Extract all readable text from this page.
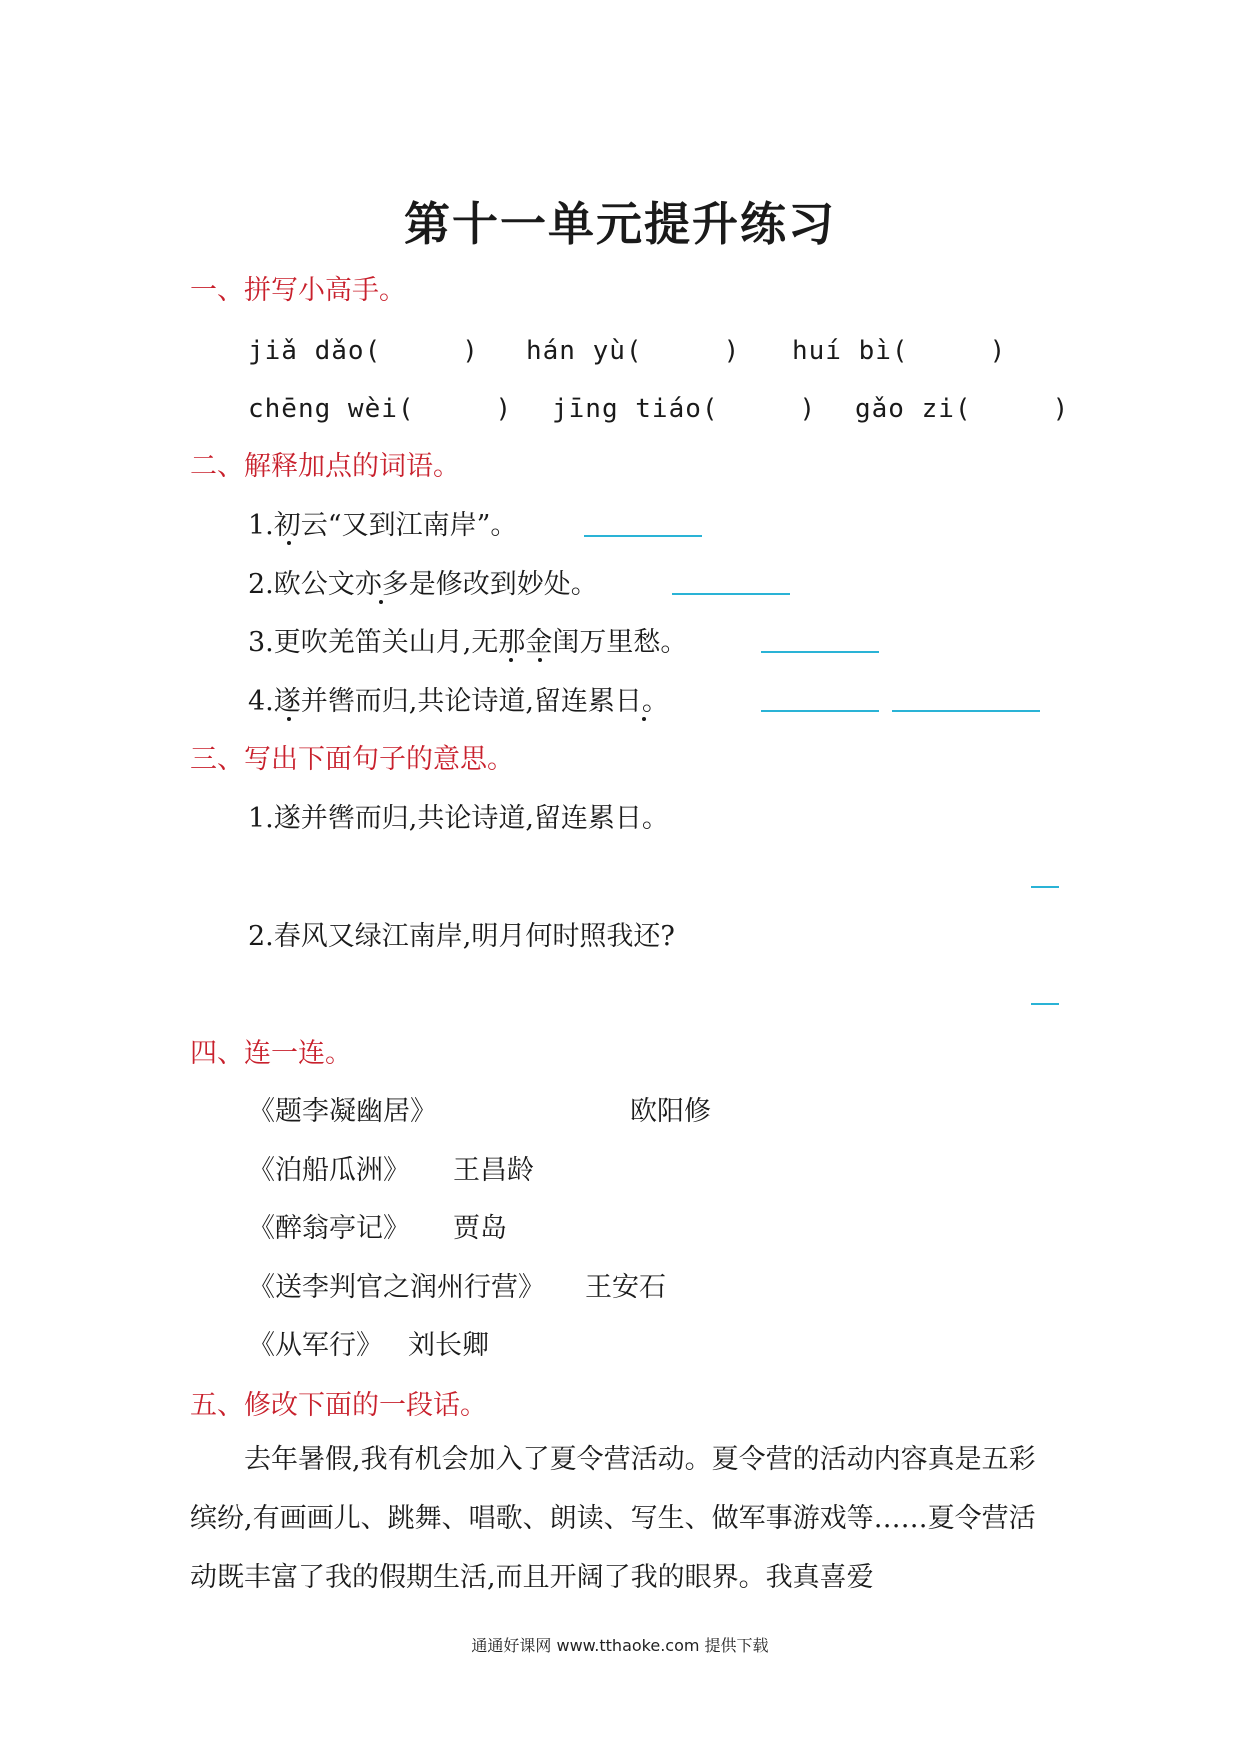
第十一单元提升练习
一、拼写小高手。
jiǎ dǎo(　　　) hán yù(　　　) huí bì(　　　)
chēng wèi(　　　) jīng tiáo(　　　) gǎo zi(　　　)
二、解释加点的词语。
1.初云“又到江南岸”。
2.欧公文亦多是修改到妙处。
3.更吹羌笛关山月,无那金闺万里愁。
4.遂并辔而归,共论诗道,留连累日。
三、写出下面句子的意思。
1.遂并辔而归,共论诗道,留连累日。
2.春风又绿江南岸,明月何时照我还?
四、连一连。
《题李凝幽居》	欧阳修
《泊船瓜洲》 王昌龄
《醉翁亭记》 贾岛
《送李判官之润州行营》 王安石
《从军行》 刘长卿
五、修改下面的一段话。
去年暑假,我有机会加入了夏令营活动。夏令营的活动内容真是五彩缤纷,有画画儿、跳舞、唱歌、朗读、写生、做军事游戏等……夏令营活动既丰富了我的假期生活,而且开阔了我的眼界。我真喜爱
通通好课网 www.tthaoke.com 提供下载
